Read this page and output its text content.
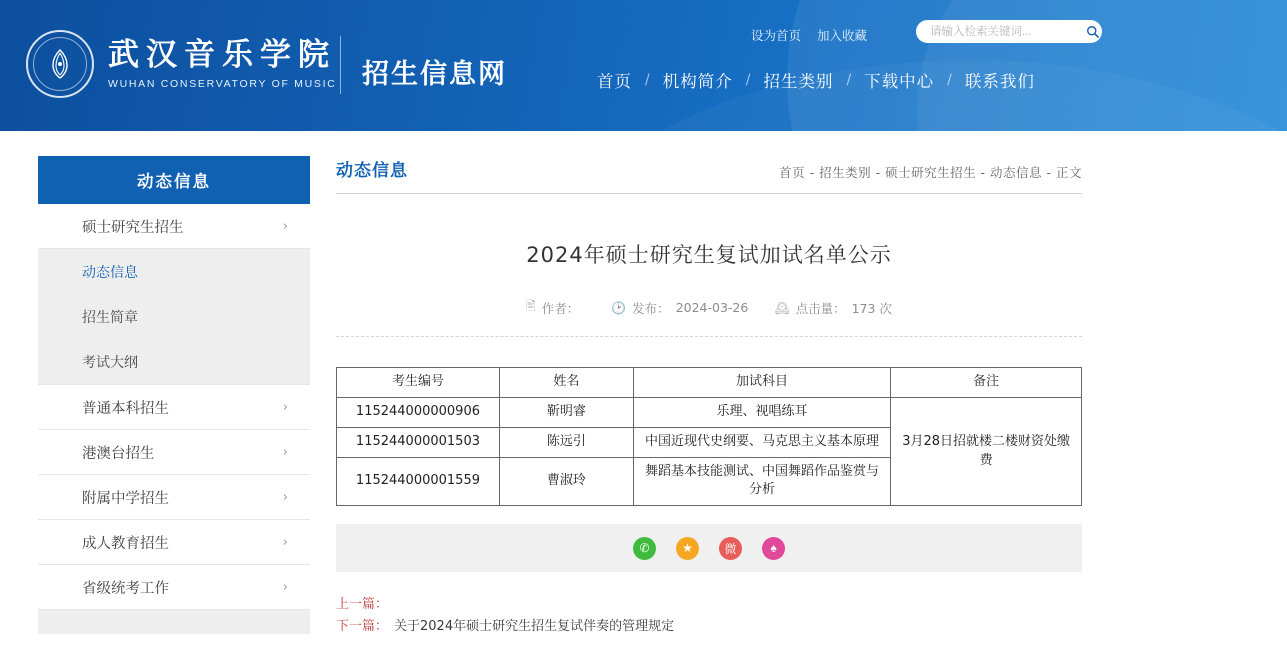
武汉音乐学院
WUHAN CONSERVATORY OF MUSIC 招生信息网
设为首页 加入收藏
请输入检索关键词...
首页 / 机构简介 / 招生类别 / 下载中心 / 联系我们
动态信息
硕士研究生招生	›
动态信息
招生简章
考试大纲
普通本科招生	›
港澳台招生	›
附属中学招生	›
成人教育招生	›
省级统考工作	›
动态信息	首页 - 招生类别 - 硕士研究生招生 - 动态信息 - 正文
2024年硕士研究生复试加试名单公示
🖹 作者：	🕑 发布： 2024-03-26 🕰 点击量： 173 次
考生编号	姓名	加试科目	备注
115244000000906	靳明睿	乐理、视唱练耳	3月28日招就楼二楼财资处缴费
115244000001503	陈远引	中国近现代史纲要、马克思主义基本原理	
115244000001559	曹淑玲	舞蹈基本技能测试、中国舞蹈作品鉴赏与分析	
✆	★	微	♠
上一篇：
下一篇： 关于2024年硕士研究生招生复试伴奏的管理规定
